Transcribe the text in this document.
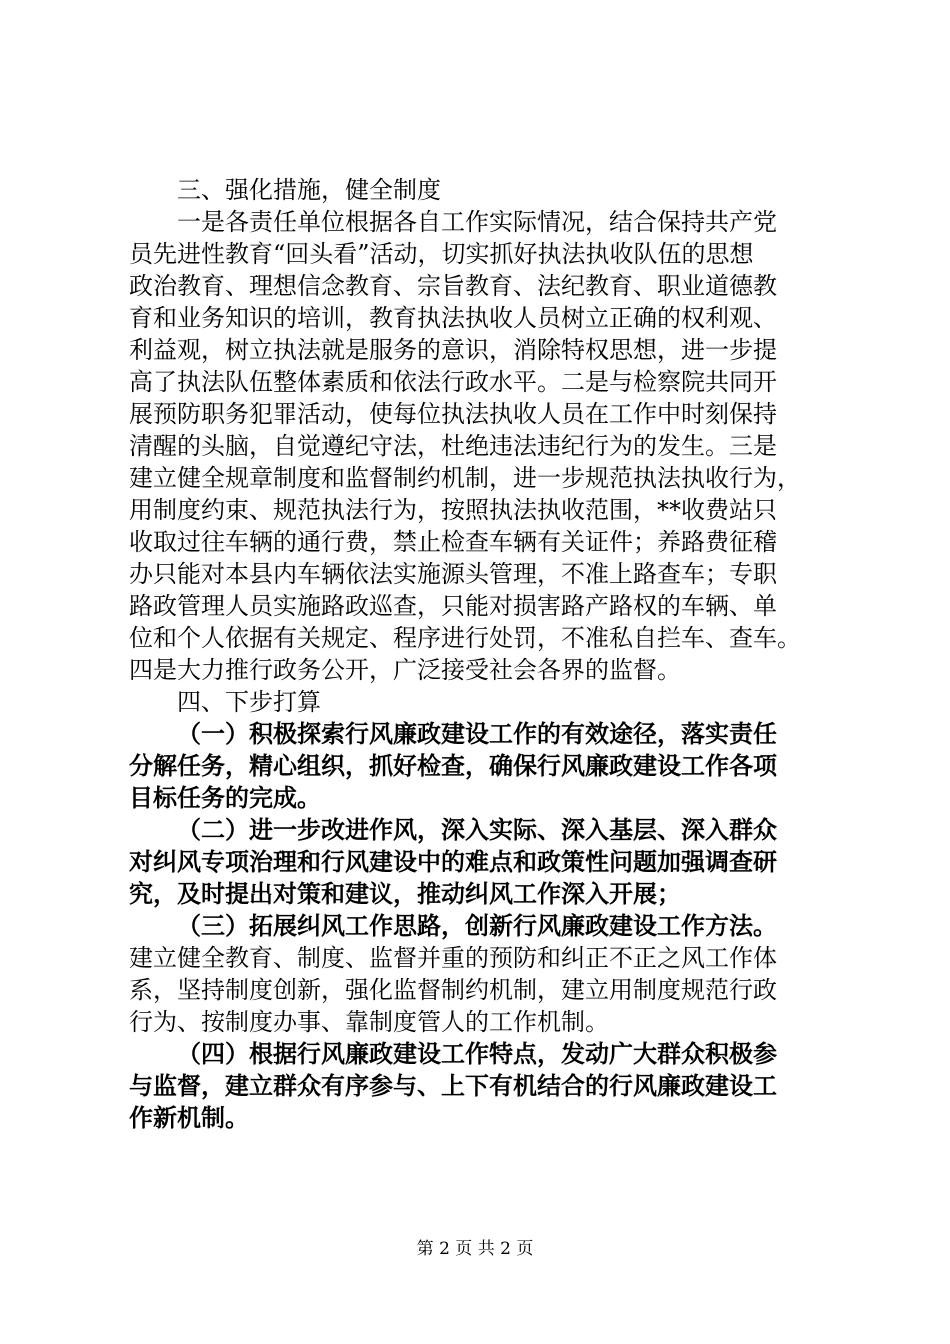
三、强化措施，健全制度
一是各责任单位根据各自工作实际情况，结合保持共产党
员先进性教育“回头看”活动，切实抓好执法执收队伍的思想
政治教育、理想信念教育、宗旨教育、法纪教育、职业道德教
育和业务知识的培训，教育执法执收人员树立正确的权利观、
利益观，树立执法就是服务的意识，消除特权思想，进一步提
高了执法队伍整体素质和依法行政水平。二是与检察院共同开
展预防职务犯罪活动，使每位执法执收人员在工作中时刻保持
清醒的头脑，自觉遵纪守法，杜绝违法违纪行为的发生。三是
建立健全规章制度和监督制约机制，进一步规范执法执收行为，
用制度约束、规范执法行为，按照执法执收范围，**收费站只
收取过往车辆的通行费，禁止检查车辆有关证件；养路费征稽
办只能对本县内车辆依法实施源头管理，不准上路查车；专职
路政管理人员实施路政巡查，只能对损害路产路权的车辆、单
位和个人依据有关规定、程序进行处罚，不准私自拦车、查车。
四是大力推行政务公开，广泛接受社会各界的监督。
四、下步打算
（一）积极探索行风廉政建设工作的有效途径，落实责任
分解任务，精心组织，抓好检查，确保行风廉政建设工作各项
目标任务的完成。
（二）进一步改进作风，深入实际、深入基层、深入群众
对纠风专项治理和行风建设中的难点和政策性问题加强调查研
究，及时提出对策和建议，推动纠风工作深入开展；
（三）拓展纠风工作思路，创新行风廉政建设工作方法。
建立健全教育、制度、监督并重的预防和纠正不正之风工作体
系，坚持制度创新，强化监督制约机制，建立用制度规范行政
行为、按制度办事、靠制度管人的工作机制。
（四）根据行风廉政建设工作特点，发动广大群众积极参
与监督，建立群众有序参与、上下有机结合的行风廉政建设工
作新机制。
第 2 页 共 2 页
